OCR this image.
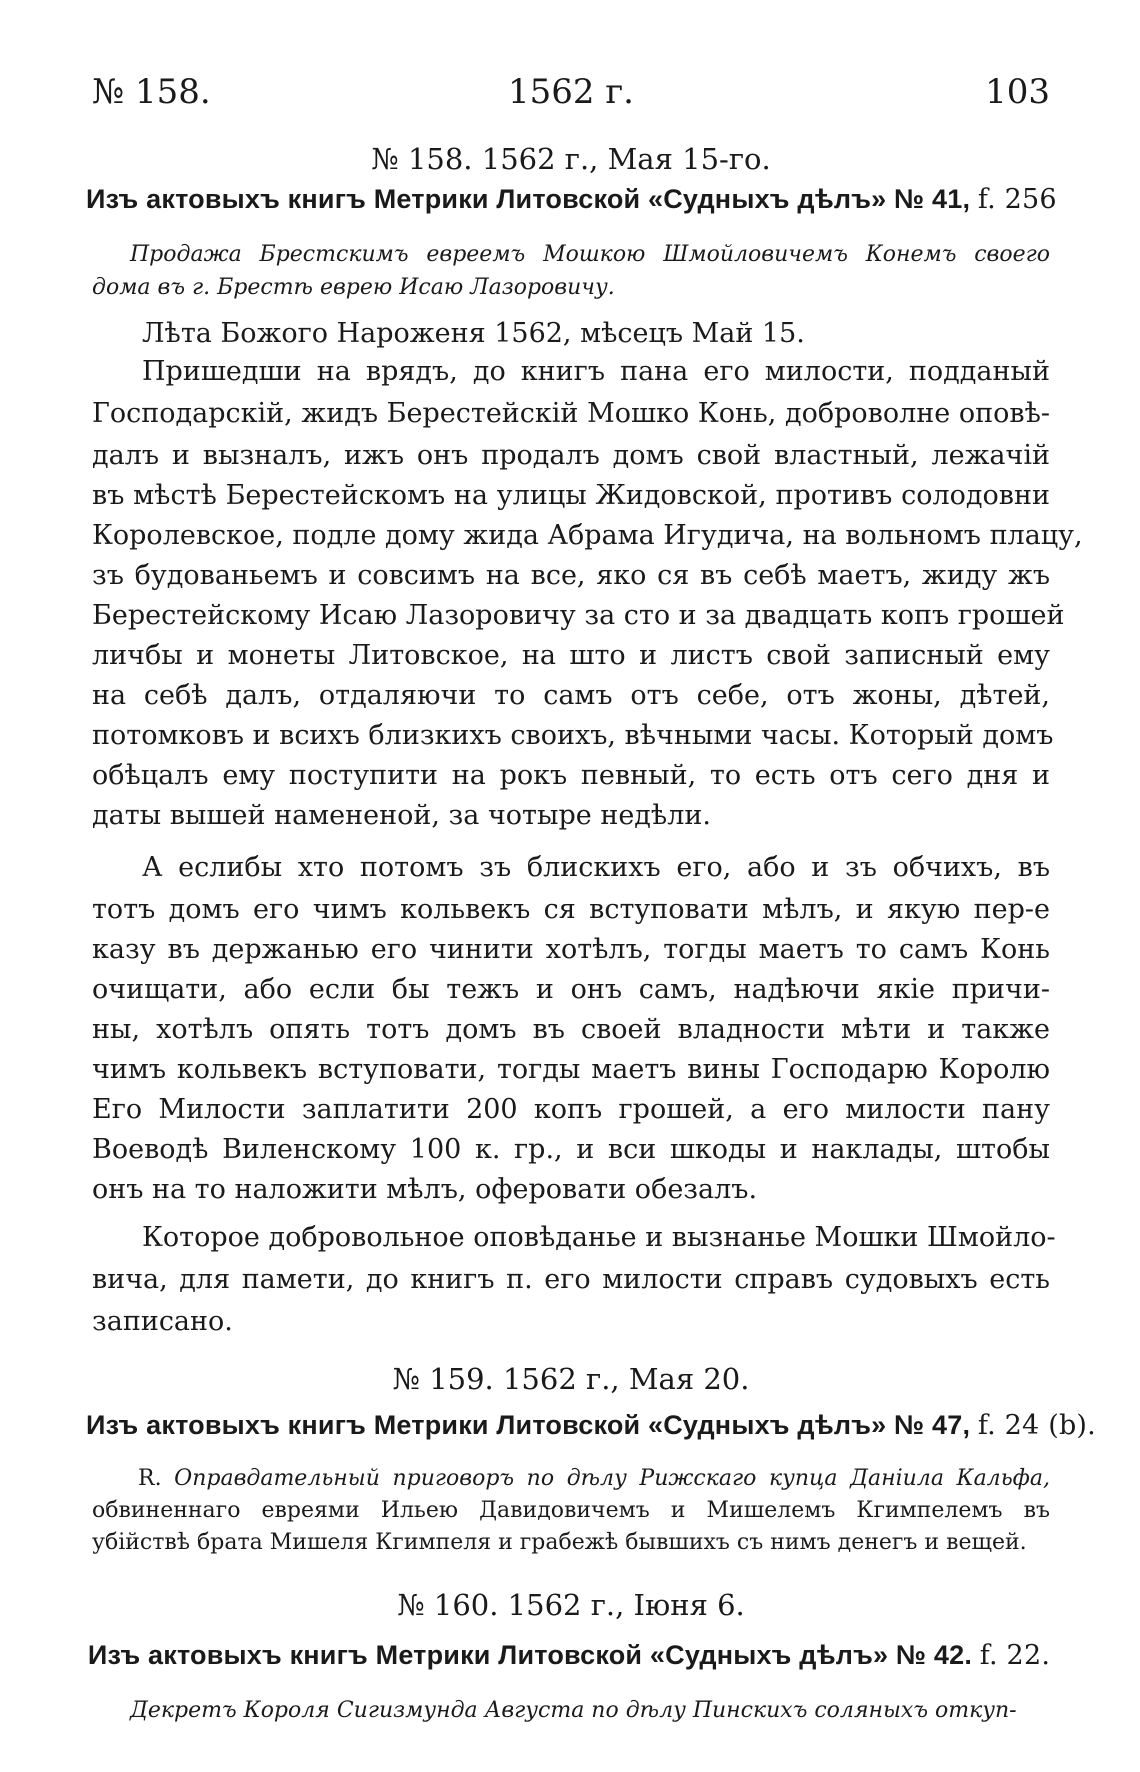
№ 158.	1562 г.	103
№ 158. 1562 г., Мая 15-го.
Изъ актовыхъ книгъ Метрики Литовской «Судныхъ дѣлъ» № 41, f. 256
Продажа Брестскимъ евреемъ Мошкою Шмойловичемъ Конемъ своего дома въ г. Брестѣ еврею Исаю Лазоровичу.
Лѣта Божого Нароженя 1562, мѣсецъ Май 15.
Пришедши на врядъ, до книгъ пана его милости, подданый
Господарскій, жидъ Берестейскій Мошко Конь, доброволне оповѣ-
далъ и вызналъ, ижъ онъ продалъ домъ свой властный, лежачій
въ мѣстѣ Берестейскомъ на улицы Жидовской, противъ солодовни
Королевское, подле дому жида Абрама Игудича, на вольномъ плацу,
зъ будованьемъ и совсимъ на все, яко ся въ себѣ маетъ, жиду жъ
Берестейскому Исаю Лазоровичу за сто и за двадцать копъ грошей
личбы и монеты Литовское, на што и листъ свой записный ему
на себѣ далъ, отдаляючи то самъ отъ себе, отъ жоны, дѣтей,
потомковъ и всихъ близкихъ своихъ, вѣчными часы. Который домъ
обѣцалъ ему поступити на рокъ певный, то есть отъ сего дня и
даты вышей намененой, за чотыре недѣли.
А еслибы хто потомъ зъ блискихъ его, або и зъ обчихъ, въ
тотъ домъ его чимъ кольвекъ ся вступовати мѣлъ, и якую пер-е
казу въ держанью его чинити хотѣлъ, тогды маетъ то самъ Конь
очищати, або если бы тежъ и онъ самъ, надѣючи якіе причи-
ны, хотѣлъ опять тотъ домъ въ своей владности мѣти и также
чимъ кольвекъ вступовати, тогды маетъ вины Господарю Королю
Его Милости заплатити 200 копъ грошей, а его милости пану
Воеводѣ Виленскому 100 к. гр., и вси шкоды и наклады, штобы
онъ на то наложити мѣлъ, оферовати обезалъ.
Которое добровольное оповѣданье и вызнанье Мошки Шмойло-
вича, для памети, до книгъ п. его милости справъ судовыхъ есть
записано.
№ 159. 1562 г., Мая 20.
Изъ актовыхъ книгъ Метрики Литовской «Судныхъ дѣлъ» № 47, f. 24 (b).
R. Оправдательный приговоръ по дѣлу Рижскаго купца Даніила Кальфа, обвиненнаго евреями Ильею Давидовичемъ и Мишелемъ Кгимпелемъ въ убійствѣ брата Мишеля Кгимпеля и грабежѣ бывшихъ съ нимъ денегъ и вещей.
№ 160. 1562 г., Іюня 6.
Изъ актовыхъ книгъ Метрики Литовской «Судныхъ дѣлъ» № 42. f. 22.
Декретъ Короля Сигизмунда Августа по дѣлу Пинскихъ соляныхъ откуп-
